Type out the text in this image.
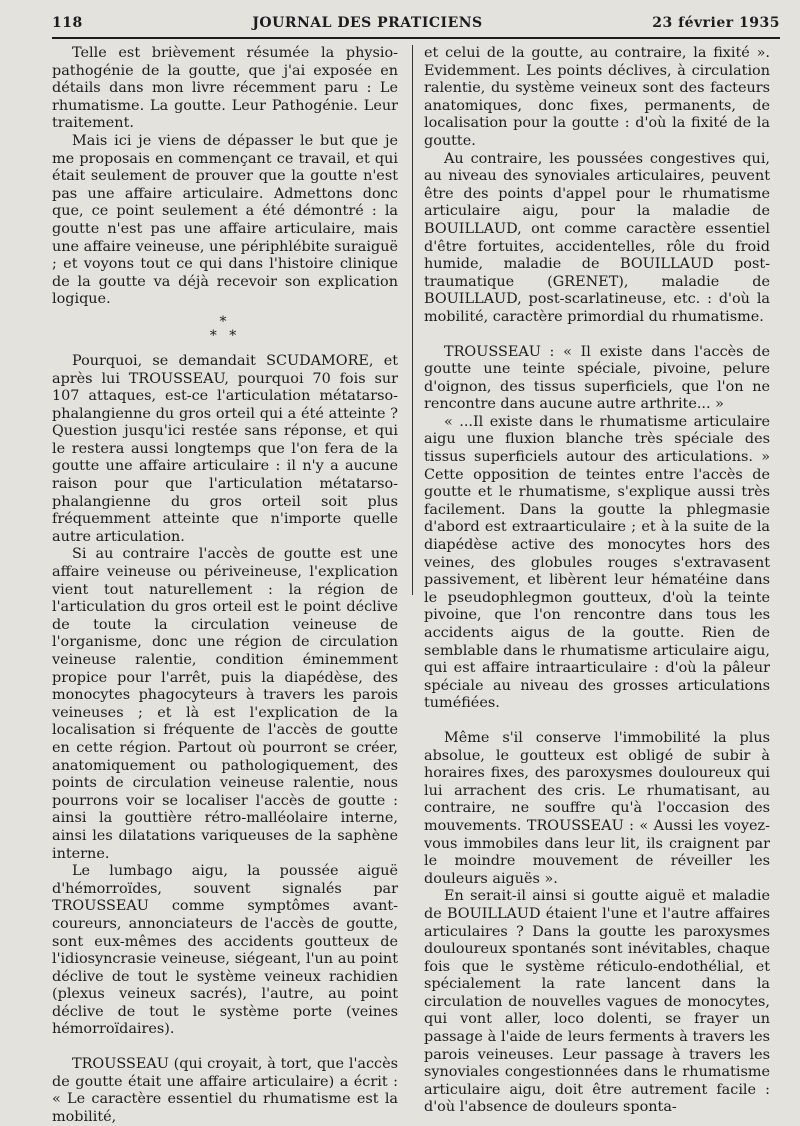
118	JOURNAL DES PRATICIENS	23 février 1935

Telle est brièvement résumée la physio-pathogénie de la goutte, que j'ai exposée en détails dans mon livre récemment paru : Le rhumatisme. La goutte. Leur Pathogénie. Leur traitement.

Mais ici je viens de dépasser le but que je me proposais en commençant ce travail, et qui était seulement de prouver que la goutte n'est pas une affaire articulaire. Admettons donc que, ce point seulement a été démontré : la goutte n'est pas une affaire articulaire, mais une affaire veineuse, une périphlébite suraiguë ; et voyons tout ce qui dans l'histoire clinique de la goutte va déjà recevoir son explication logique.

*
* *

Pourquoi, se demandait SCUDAMORE, et après lui TROUSSEAU, pourquoi 70 fois sur 107 attaques, est-ce l'articulation métatarso-phalangienne du gros orteil qui a été atteinte ? Question jusqu'ici restée sans réponse, et qui le restera aussi longtemps que l'on fera de la goutte une affaire articulaire : il n'y a aucune raison pour que l'articulation métatarso-phalangienne du gros orteil soit plus fréquemment atteinte que n'importe quelle autre articulation.

Si au contraire l'accès de goutte est une affaire veineuse ou périveineuse, l'explication vient tout naturellement : la région de l'articulation du gros orteil est le point déclive de toute la circulation veineuse de l'organisme, donc une région de circulation veineuse ralentie, condition éminemment propice pour l'arrêt, puis la diapédèse, des monocytes phagocyteurs à travers les parois veineuses ; et là est l'explication de la localisation si fréquente de l'accès de goutte en cette région. Partout où pourront se créer, anatomiquement ou pathologiquement, des points de circulation veineuse ralentie, nous pourrons voir se localiser l'accès de goutte : ainsi la gouttière rétro-malléolaire interne, ainsi les dilatations variqueuses de la saphène interne.

Le lumbago aigu, la poussée aiguë d'hémorroïdes, souvent signalés par TROUSSEAU comme symptômes avant-coureurs, annonciateurs de l'accès de goutte, sont eux-mêmes des accidents goutteux de l'idiosyncrasie veineuse, siégeant, l'un au point déclive de tout le système veineux rachidien (plexus veineux sacrés), l'autre, au point déclive de tout le système porte (veines hémorroïdaires).

TROUSSEAU (qui croyait, à tort, que l'accès de goutte était une affaire articulaire) a écrit : « Le caractère essentiel du rhumatisme est la mobilité,

et celui de la goutte, au contraire, la fixité ». Evidemment. Les points déclives, à circulation ralentie, du système veineux sont des facteurs anatomiques, donc fixes, permanents, de localisation pour la goutte : d'où la fixité de la goutte.

Au contraire, les poussées congestives qui, au niveau des synoviales articulaires, peuvent être des points d'appel pour le rhumatisme articulaire aigu, pour la maladie de BOUILLAUD, ont comme caractère essentiel d'être fortuites, accidentelles, rôle du froid humide, maladie de BOUILLAUD post-traumatique (GRENET), maladie de BOUILLAUD, post-scarlatineuse, etc. : d'où la mobilité, caractère primordial du rhumatisme.

TROUSSEAU : « Il existe dans l'accès de goutte une teinte spéciale, pivoine, pelure d'oignon, des tissus superficiels, que l'on ne rencontre dans aucune autre arthrite... »

« ...Il existe dans le rhumatisme articulaire aigu une fluxion blanche très spéciale des tissus superficiels autour des articulations. » Cette opposition de teintes entre l'accès de goutte et le rhumatisme, s'explique aussi très facilement. Dans la goutte la phlegmasie d'abord est extraarticulaire ; et à la suite de la diapédèse active des monocytes hors des veines, des globules rouges s'extravasent passivement, et libèrent leur hématéine dans le pseudophlegmon goutteux, d'où la teinte pivoine, que l'on rencontre dans tous les accidents aigus de la goutte. Rien de semblable dans le rhumatisme articulaire aigu, qui est affaire intraarticulaire : d'où la pâleur spéciale au niveau des grosses articulations tuméfiées.

Même s'il conserve l'immobilité la plus absolue, le goutteux est obligé de subir à horaires fixes, des paroxysmes douloureux qui lui arrachent des cris. Le rhumatisant, au contraire, ne souffre qu'à l'occasion des mouvements. TROUSSEAU : « Aussi les voyez-vous immobiles dans leur lit, ils craignent par le moindre mouvement de réveiller les douleurs aiguës ».

En serait-il ainsi si goutte aiguë et maladie de BOUILLAUD étaient l'une et l'autre affaires articulaires ? Dans la goutte les paroxysmes douloureux spontanés sont inévitables, chaque fois que le système réticulo-endothélial, et spécialement la rate lancent dans la circulation de nouvelles vagues de monocytes, qui vont aller, loco dolenti, se frayer un passage à l'aide de leurs ferments à travers les parois veineuses. Leur passage à travers les synoviales congestionnées dans le rhumatisme articulaire aigu, doit être autrement facile : d'où l'absence de douleurs sponta-
